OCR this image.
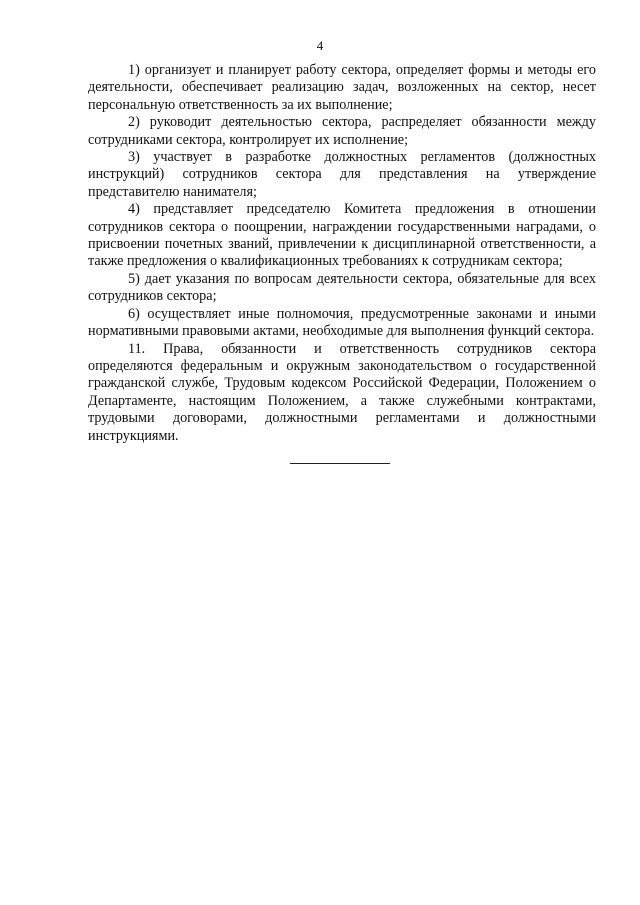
4

1) организует и планирует работу сектора, определяет формы и методы его деятельности, обеспечивает реализацию задач, возложенных на сектор, несет персональную ответственность за их выполнение;

2) руководит деятельностью сектора, распределяет обязанности между сотрудниками сектора, контролирует их исполнение;

3) участвует в разработке должностных регламентов (должностных инструкций) сотрудников сектора для представления на утверждение представителю нанимателя;

4) представляет председателю Комитета предложения в отношении сотрудников сектора о поощрении, награждении государственными наградами, о присвоении почетных званий, привлечении к дисциплинарной ответственности, а также предложения о квалификационных требованиях к сотрудникам сектора;

5) дает указания по вопросам деятельности сектора, обязательные для всех сотрудников сектора;

6) осуществляет иные полномочия, предусмотренные законами и иными нормативными правовыми актами, необходимые для выполнения функций сектора.

11. Права, обязанности и ответственность сотрудников сектора определяются федеральным и окружным законодательством о государственной гражданской службе, Трудовым кодексом Российской Федерации, Положением о Департаменте, настоящим Положением, а также служебными контрактами, трудовыми договорами, должностными регламентами и должностными инструкциями.
